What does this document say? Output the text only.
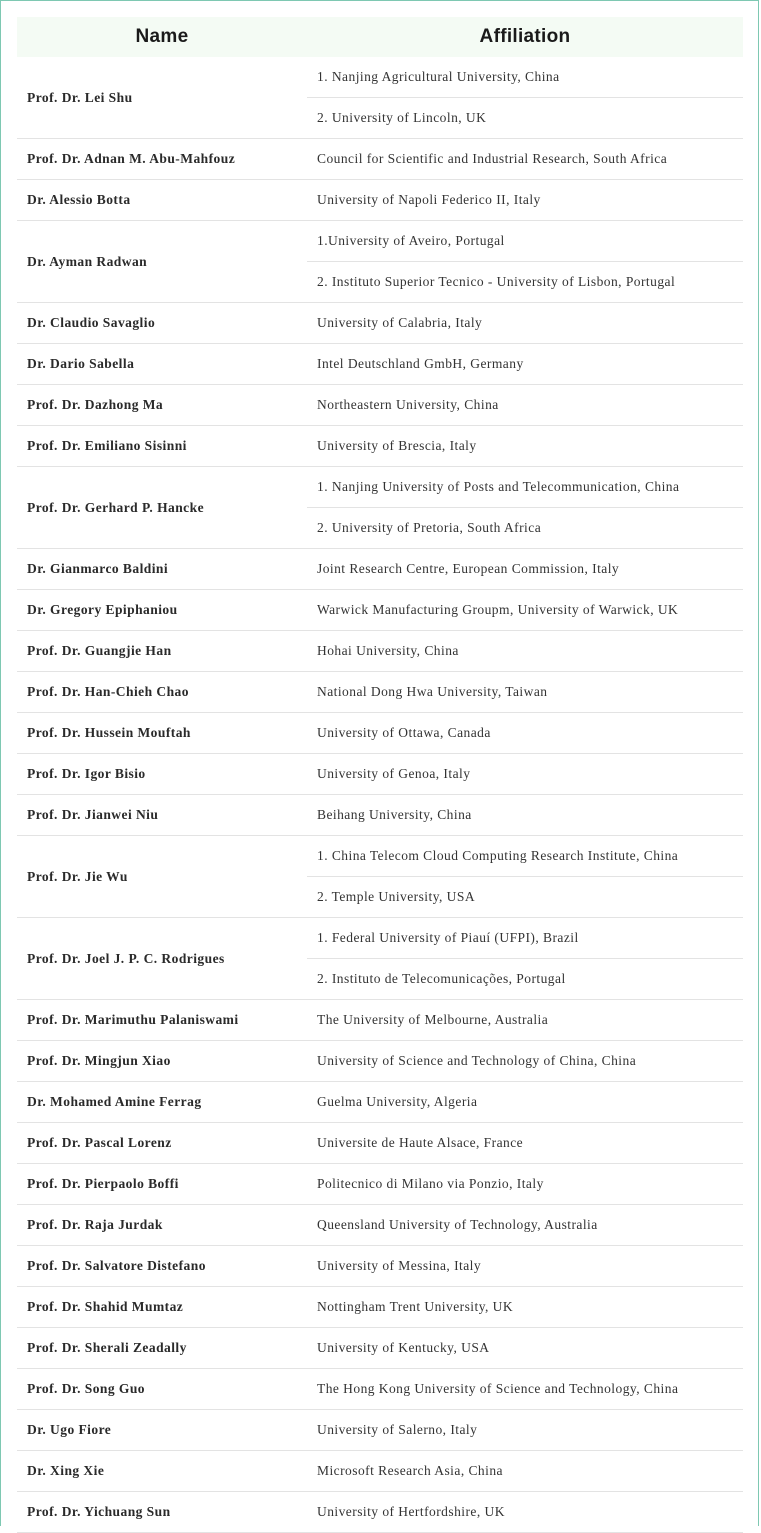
Name	Affiliation
Prof. Dr. Lei Shu	1. Nanjing Agricultural University, China
	2. University of Lincoln, UK
Prof. Dr. Adnan M. Abu-Mahfouz	Council for Scientific and Industrial Research, South Africa
Dr. Alessio Botta	University of Napoli Federico II, Italy
Dr. Ayman Radwan	1.University of Aveiro, Portugal
	2. Instituto Superior Tecnico - University of Lisbon, Portugal
Dr. Claudio Savaglio	University of Calabria, Italy
Dr. Dario Sabella	Intel Deutschland GmbH, Germany
Prof. Dr. Dazhong Ma	Northeastern University, China
Prof. Dr. Emiliano Sisinni	University of Brescia, Italy
Prof. Dr. Gerhard P. Hancke	1. Nanjing University of Posts and Telecommunication, China
	2. University of Pretoria, South Africa
Dr. Gianmarco Baldini	Joint Research Centre, European Commission, Italy
Dr. Gregory Epiphaniou	Warwick Manufacturing Groupm, University of Warwick, UK
Prof. Dr. Guangjie Han	Hohai University, China
Prof. Dr. Han-Chieh Chao	National Dong Hwa University, Taiwan
Prof. Dr. Hussein Mouftah	University of Ottawa, Canada
Prof. Dr. Igor Bisio	University of Genoa, Italy
Prof. Dr. Jianwei Niu	Beihang University, China
Prof. Dr. Jie Wu	1. China Telecom Cloud Computing Research Institute, China
	2. Temple University, USA
Prof. Dr. Joel J. P. C. Rodrigues	1. Federal University of Piauí (UFPI), Brazil
	2. Instituto de Telecomunicações, Portugal
Prof. Dr. Marimuthu Palaniswami	The University of Melbourne, Australia
Prof. Dr. Mingjun Xiao	University of Science and Technology of China, China
Dr. Mohamed Amine Ferrag	Guelma University, Algeria
Prof. Dr. Pascal Lorenz	Universite de Haute Alsace, France
Prof. Dr. Pierpaolo Boffi	Politecnico di Milano via Ponzio, Italy
Prof. Dr. Raja Jurdak	Queensland University of Technology, Australia
Prof. Dr. Salvatore Distefano	University of Messina, Italy
Prof. Dr. Shahid Mumtaz	Nottingham Trent University, UK
Prof. Dr. Sherali Zeadally	University of Kentucky, USA
Prof. Dr. Song Guo	The Hong Kong University of Science and Technology, China
Dr. Ugo Fiore	University of Salerno, Italy
Dr. Xing Xie	Microsoft Research Asia, China
Prof. Dr. Yichuang Sun	University of Hertfordshire, UK
